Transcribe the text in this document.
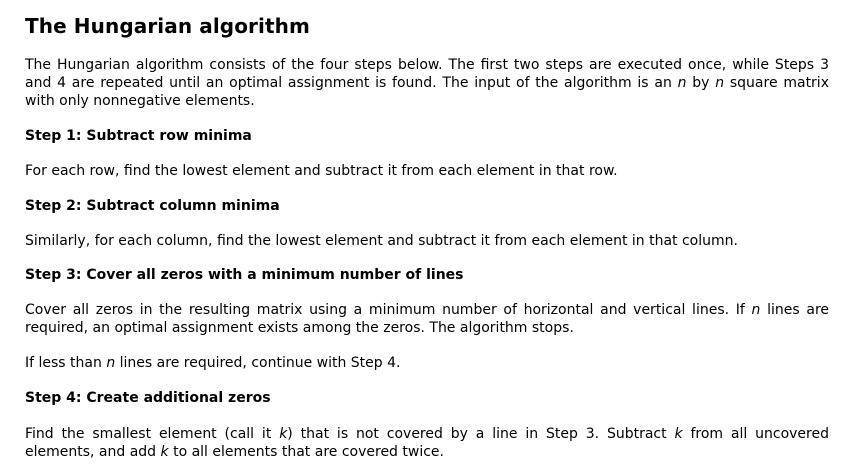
The Hungarian algorithm

The Hungarian algorithm consists of the four steps below. The first two steps are executed once, while Steps 3 and 4 are repeated until an optimal assignment is found. The input of the algorithm is an n by n square matrix with only nonnegative elements.

Step 1: Subtract row minima

For each row, find the lowest element and subtract it from each element in that row.

Step 2: Subtract column minima

Similarly, for each column, find the lowest element and subtract it from each element in that column.

Step 3: Cover all zeros with a minimum number of lines

Cover all zeros in the resulting matrix using a minimum number of horizontal and vertical lines. If n lines are required, an optimal assignment exists among the zeros. The algorithm stops.

If less than n lines are required, continue with Step 4.

Step 4: Create additional zeros

Find the smallest element (call it k) that is not covered by a line in Step 3. Subtract k from all uncovered elements, and add k to all elements that are covered twice.
